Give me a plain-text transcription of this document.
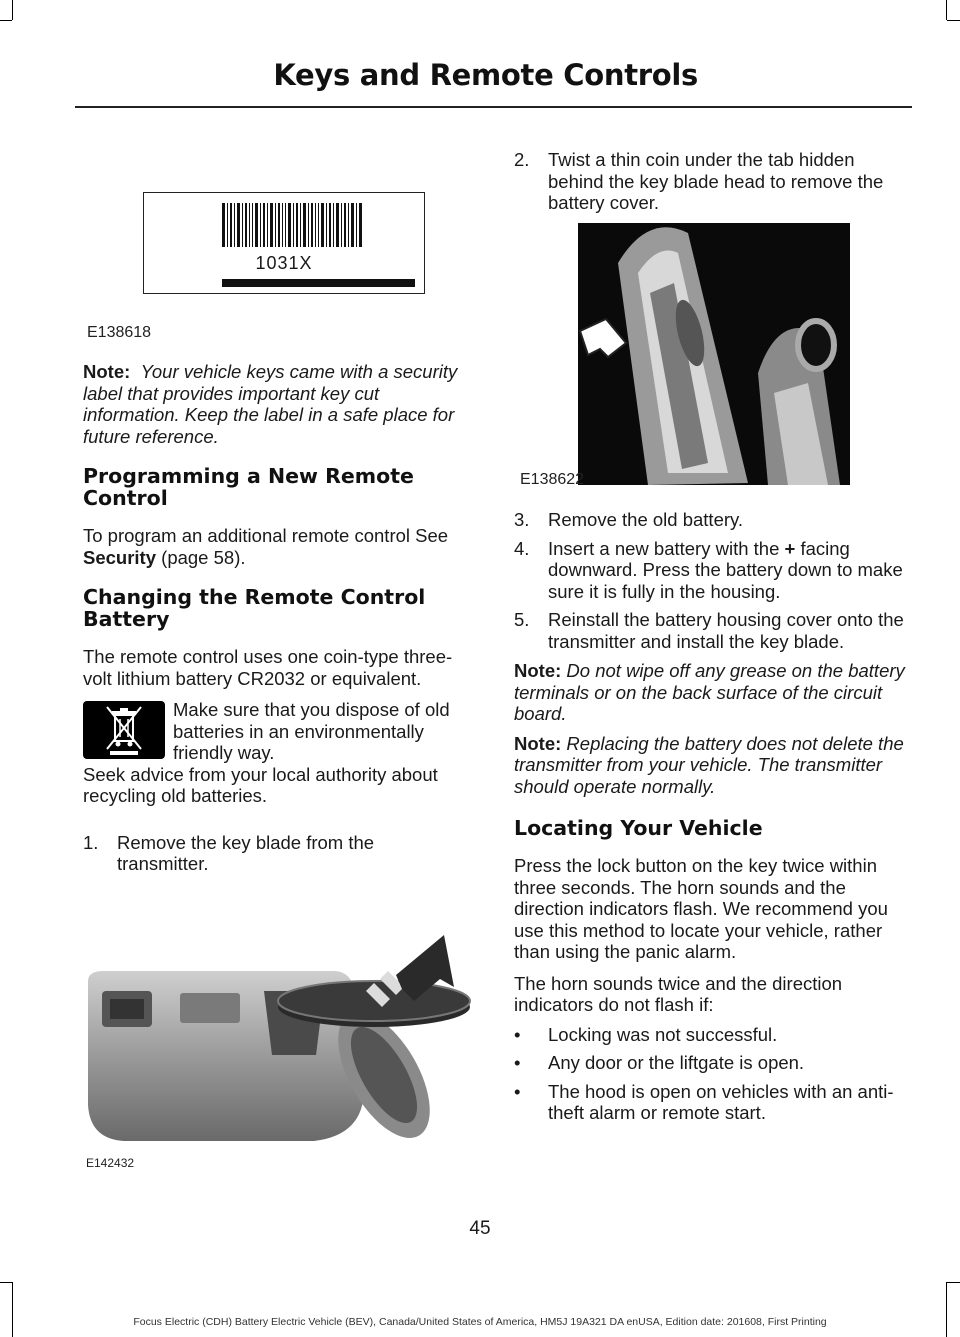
Keys and Remote Controls
1031X
E138618

Note: Your vehicle keys came with a security label that provides important key cut information. Keep the label in a safe place for future reference.

Programming a New Remote Control

To program an additional remote control See Security (page 58).

Changing the Remote Control Battery

The remote control uses one coin-type three-volt lithium battery CR2032 or equivalent.

Make sure that you dispose of old batteries in an environmentally friendly way.

Seek advice from your local authority about recycling old batteries.

1. Remove the key blade from the transmitter.
E142432
2. Twist a thin coin under the tab hidden behind the key blade head to remove the battery cover.
E138622
3. Remove the old battery.
4. Insert a new battery with the + facing downward. Press the battery down to make sure it is fully in the housing.
5. Reinstall the battery housing cover onto the transmitter and install the key blade.

Note: Do not wipe off any grease on the battery terminals or on the back surface of the circuit board.

Note: Replacing the battery does not delete the transmitter from your vehicle. The transmitter should operate normally.

Locating Your Vehicle

Press the lock button on the key twice within three seconds. The horn sounds and the direction indicators flash. We recommend you use this method to locate your vehicle, rather than using the panic alarm.

The horn sounds twice and the direction indicators do not flash if:

• Locking was not successful.
• Any door or the liftgate is open.
• The hood is open on vehicles with an anti-theft alarm or remote start.
45
Focus Electric (CDH) Battery Electric Vehicle (BEV), Canada/United States of America, HM5J 19A321 DA enUSA, Edition date: 201608, First Printing
